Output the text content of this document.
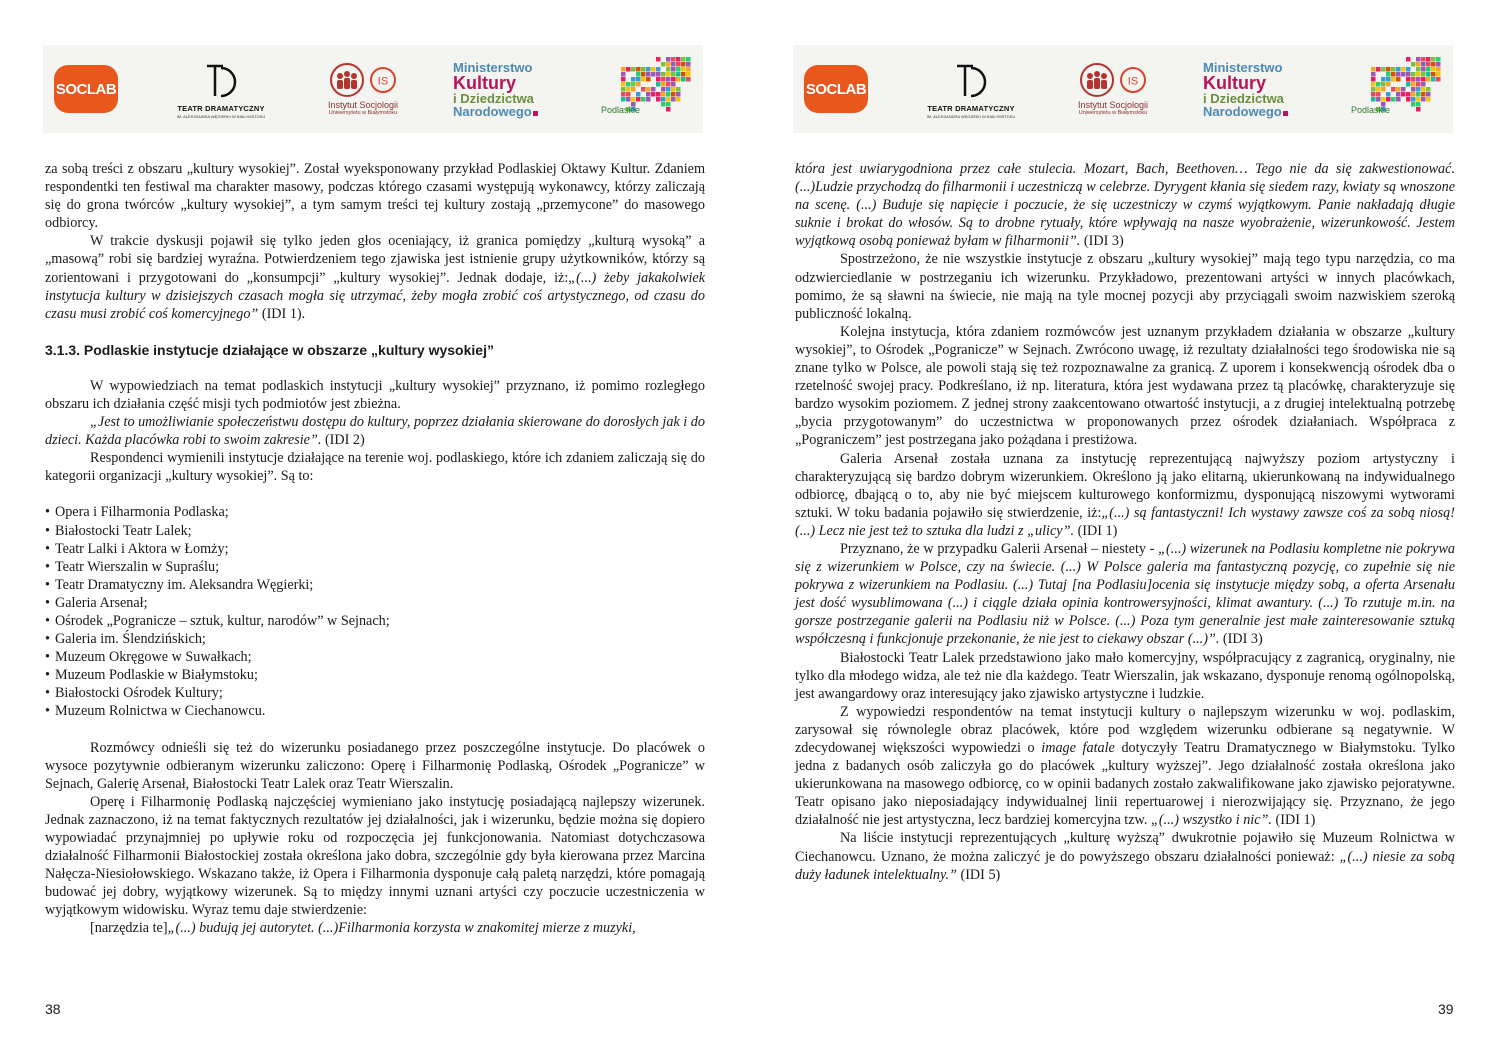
SOCLAB
TEATR DRAMATYCZNY
IM. ALEKSANDRA WĘGIERKI W BIAŁYMSTOKU
IS
Instytut Socjologii
Uniwersytetu w Białymstoku
Ministerstwo
Kultury
i Dziedzictwa
Narodowego	Podlaskie

za sobą treści z obszaru „kultury wysokiej”. Został wyeksponowany przykład Podlaskiej Oktawy Kultur. Zdaniem respondentki ten festiwal ma charakter masowy, podczas którego czasami występują wykonawcy, którzy zaliczają się do grona twórców „kultury wysokiej”, a tym samym treści tej kultury zostają „przemycone” do masowego odbiorcy.

W trakcie dyskusji pojawił się tylko jeden głos oceniający, iż granica pomiędzy „kulturą wysoką” a „masową” robi się bardziej wyraźna. Potwierdzeniem tego zjawiska jest istnienie grupy użytkowników, którzy są zorientowani i przygotowani do „konsumpcji” „kultury wysokiej”. Jednak dodaje, iż:„(...) żeby jakakolwiek instytucja kultury w dzisiejszych czasach mogła się utrzymać, żeby mogła zrobić coś artystycznego, od czasu do czasu musi zrobić coś komercyjnego” (IDI 1).

3.1.3. Podlaskie instytucje działające w obszarze „kultury wysokiej”

W wypowiedziach na temat podlaskich instytucji „kultury wysokiej” przyznano, iż pomimo rozległego obszaru ich działania część misji tych podmiotów jest zbieżna.

„Jest to umożliwianie społeczeństwu dostępu do kultury, poprzez działania skierowane do dorosłych jak i do dzieci. Każda placówka robi to swoim zakresie”. (IDI 2)

Respondenci wymienili instytucje działające na terenie woj. podlaskiego, które ich zdaniem zaliczają się do kategorii organizacji „kultury wysokiej”. Są to:

• Opera i Filharmonia Podlaska;
• Białostocki Teatr Lalek;
• Teatr Lalki i Aktora w Łomży;
• Teatr Wierszalin w Supraślu;
• Teatr Dramatyczny im. Aleksandra Węgierki;
• Galeria Arsenał;
• Ośrodek „Pogranicze – sztuk, kultur, narodów” w Sejnach;
• Galeria im. Ślendzińskich;
• Muzeum Okręgowe w Suwałkach;
• Muzeum Podlaskie w Białymstoku;
• Białostocki Ośrodek Kultury;
• Muzeum Rolnictwa w Ciechanowcu.

Rozmówcy odnieśli się też do wizerunku posiadanego przez poszczególne instytucje. Do placówek o wysoce pozytywnie odbieranym wizerunku zaliczono: Operę i Filharmonię Podlaską, Ośrodek „Pogranicze” w Sejnach, Galerię Arsenał, Białostocki Teatr Lalek oraz Teatr Wierszalin.

Operę i Filharmonię Podlaską najczęściej wymieniano jako instytucję posiadającą najlepszy wizerunek. Jednak zaznaczono, iż na temat faktycznych rezultatów jej działalności, jak i wizerunku, będzie można się dopiero wypowiadać przynajmniej po upływie roku od rozpoczęcia jej funkcjonowania. Natomiast dotychczasowa działalność Filharmonii Białostockiej została określona jako dobra, szczególnie gdy była kierowana przez Marcina Nałęcza-Niesiołowskiego. Wskazano także, iż Opera i Filharmonia dysponuje całą paletą narzędzi, które pomagają budować jej dobry, wyjątkowy wizerunek. Są to między innymi uznani artyści czy poczucie uczestniczenia w wyjątkowym widowisku. Wyraz temu daje stwierdzenie:

[narzędzia te]„(...) budują jej autorytet. (...)Filharmonia korzysta w znakomitej mierze z muzyki,

38
SOCLAB
TEATR DRAMATYCZNY
IM. ALEKSANDRA WĘGIERKI W BIAŁYMSTOKU
IS
Instytut Socjologii
Uniwersytetu w Białymstoku
Ministerstwo
Kultury
i Dziedzictwa
Narodowego	Podlaskie

która jest uwiarygodniona przez całe stulecia. Mozart, Bach, Beethoven… Tego nie da się zakwestionować. (...)Ludzie przychodzą do filharmonii i uczestniczą w celebrze. Dyrygent kłania się siedem razy, kwiaty są wnoszone na scenę. (...) Buduje się napięcie i poczucie, że się uczestniczy w czymś wyjątkowym. Panie nakładają długie suknie i brokat do włosów. Są to drobne rytuały, które wpływają na nasze wyobrażenie, wizerunkowość. Jestem wyjątkową osobą ponieważ byłam w filharmonii”. (IDI 3)

Spostrzeżono, że nie wszystkie instytucje z obszaru „kultury wysokiej” mają tego typu narzędzia, co ma odzwierciedlanie w postrzeganiu ich wizerunku. Przykładowo, prezentowani artyści w innych placówkach, pomimo, że są sławni na świecie, nie mają na tyle mocnej pozycji aby przyciągali swoim nazwiskiem szeroką publiczność lokalną.

Kolejna instytucja, która zdaniem rozmówców jest uznanym przykładem działania w obszarze „kultury wysokiej”, to Ośrodek „Pogranicze” w Sejnach. Zwrócono uwagę, iż rezultaty działalności tego środowiska nie są znane tylko w Polsce, ale powoli stają się też rozpoznawalne za granicą. Z uporem i konsekwencją ośrodek dba o rzetelność swojej pracy. Podkreślano, iż np. literatura, która jest wydawana przez tą placówkę, charakteryzuje się bardzo wysokim poziomem. Z jednej strony zaakcentowano otwartość instytucji, a z drugiej intelektualną potrzebę „bycia przygotowanym” do uczestnictwa w proponowanych przez ośrodek działaniach. Współpraca z „Pograniczem” jest postrzegana jako pożądana i prestiżowa.

Galeria Arsenał została uznana za instytucję reprezentującą najwyższy poziom artystyczny i charakteryzującą się bardzo dobrym wizerunkiem. Określono ją jako elitarną, ukierunkowaną na indywidualnego odbiorcę, dbającą o to, aby nie być miejscem kulturowego konformizmu, dysponującą niszowymi wytworami sztuki. W toku badania pojawiło się stwierdzenie, iż:„(...) są fantastyczni! Ich wystawy zawsze coś za sobą niosą! (...) Lecz nie jest też to sztuka dla ludzi z „ulicy”. (IDI 1)

Przyznano, że w przypadku Galerii Arsenał – niestety - „(...) wizerunek na Podlasiu kompletne nie pokrywa się z wizerunkiem w Polsce, czy na świecie. (...) W Polsce galeria ma fantastyczną pozycję, co zupełnie się nie pokrywa z wizerunkiem na Podlasiu. (...) Tutaj [na Podlasiu]ocenia się instytucje między sobą, a oferta Arsenału jest dość wysublimowana (...) i ciągle działa opinia kontrowersyjności, klimat awantury. (...) To rzutuje m.in. na gorsze postrzeganie galerii na Podlasiu niż w Polsce. (...) Poza tym generalnie jest małe zainteresowanie sztuką współczesną i funkcjonuje przekonanie, że nie jest to ciekawy obszar (...)”. (IDI 3)

Białostocki Teatr Lalek przedstawiono jako mało komercyjny, współpracujący z zagranicą, oryginalny, nie tylko dla młodego widza, ale też nie dla każdego. Teatr Wierszalin, jak wskazano, dysponuje renomą ogólnopolską, jest awangardowy oraz interesujący jako zjawisko artystyczne i ludzkie.

Z wypowiedzi respondentów na temat instytucji kultury o najlepszym wizerunku w woj. podlaskim, zarysował się równolegle obraz placówek, które pod względem wizerunku odbierane są negatywnie. W zdecydowanej większości wypowiedzi o image fatale dotyczyły Teatru Dramatycznego w Białymstoku. Tylko jedna z badanych osób zaliczyła go do placówek „kultury wyższej”. Jego działalność została określona jako ukierunkowana na masowego odbiorcę, co w opinii badanych zostało zakwalifikowane jako zjawisko pejoratywne. Teatr opisano jako nieposiadający indywidualnej linii repertuarowej i nierozwijający się. Przyznano, że jego działalność nie jest artystyczna, lecz bardziej komercyjna tzw. „(...) wszystko i nic”. (IDI 1)

Na liście instytucji reprezentujących „kulturę wyższą” dwukrotnie pojawiło się Muzeum Rolnictwa w Ciechanowcu. Uznano, że można zaliczyć je do powyższego obszaru działalności ponieważ: „(...) niesie za sobą duży ładunek intelektualny.” (IDI 5)

39
